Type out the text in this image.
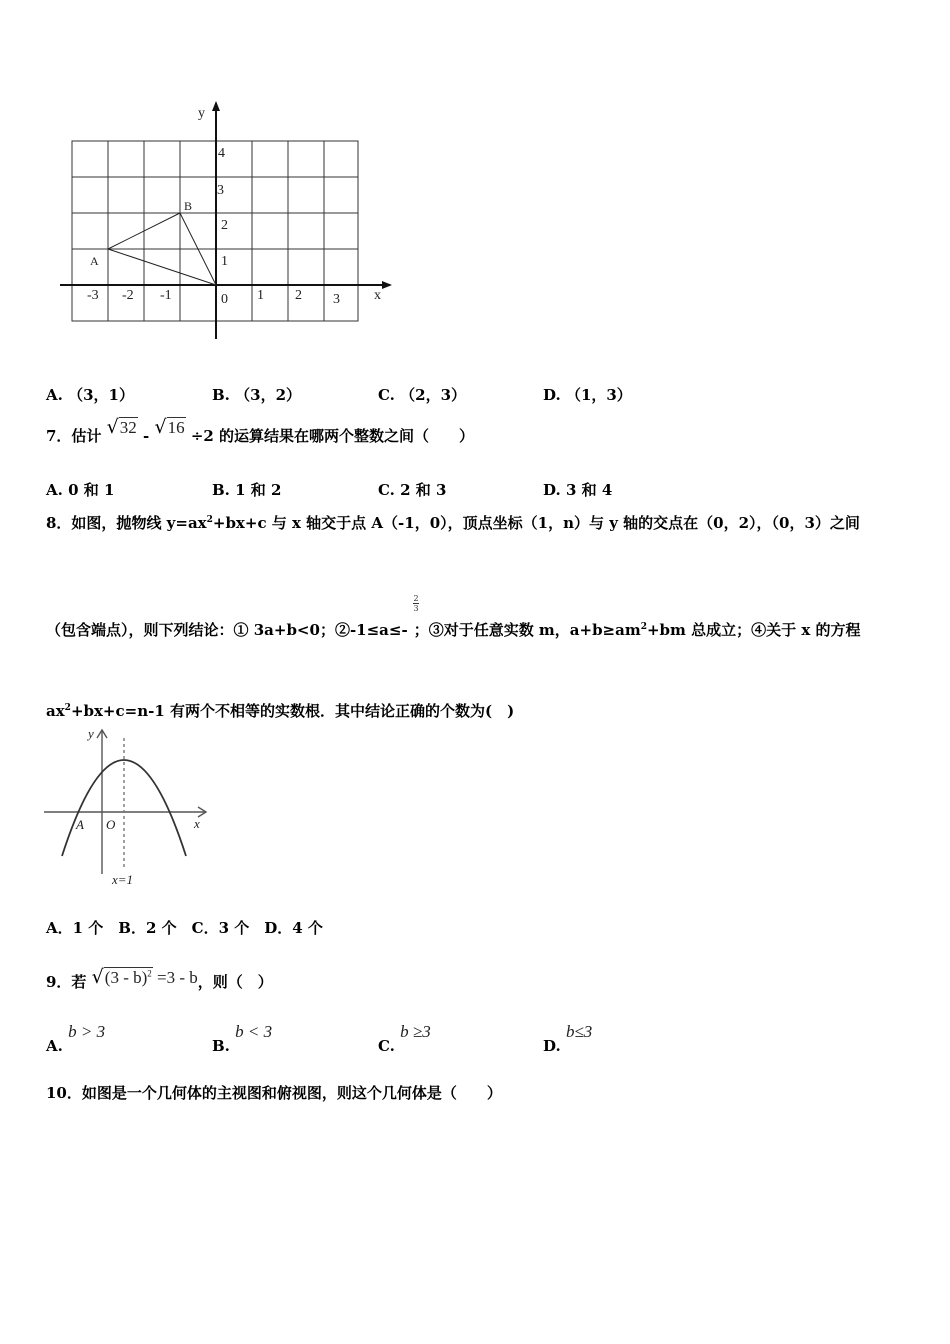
y
x
-3 -2 -1	0 1 2 3
1
2
3
4
A
B
A. （3，1）	B. （3，2）	C. （2，3）	D. （1，3）
7．估计 √32 - √16 ÷2 的运算结果在哪两个整数之间（　　）
A. 0 和 1	B. 1 和 2	C. 2 和 3	D. 3 和 4
8．如图，抛物线 $y=ax^2+bx+c$ 与 x 轴交于点 A（-1，0），顶点坐标（1，n）与 y 轴的交点在（0，2），（0，3）之间
2
3
（包含端点），则下列结论：① 3a+b<0；②-1≤a≤- ；③对于任意实数 m，$a+b\ge am^2+bm$ 总成立；④关于 x 的方程
$ax^2+bx+c=n-1$ 有两个不相等的实数根．其中结论正确的个数为(　)
y
x
A O
x=1
A．1 个　B．2 个　C．3 个　D．4 个
9．若 √(3 - b)$^2$ =3 - b，则（　）
A. b > 3
B. b < 3
C. b ≥3
D. b≤3
10．如图是一个几何体的主视图和俯视图，则这个几何体是（　　）
